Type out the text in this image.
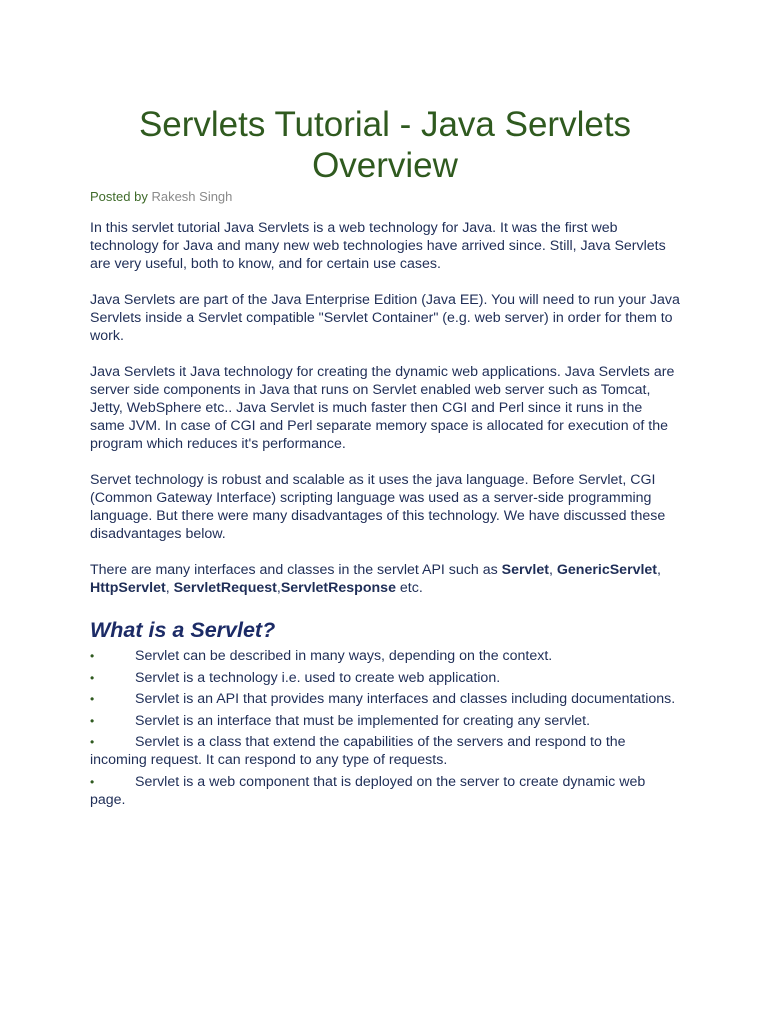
Servlets Tutorial - Java Servlets Overview
Posted by Rakesh Singh

In this servlet tutorial Java Servlets is a web technology for Java. It was the first web technology for Java and many new web technologies have arrived since. Still, Java Servlets are very useful, both to know, and for certain use cases.

Java Servlets are part of the Java Enterprise Edition (Java EE). You will need to run your Java Servlets inside a Servlet compatible "Servlet Container" (e.g. web server) in order for them to work.

Java Servlets it Java technology for creating the dynamic web applications. Java Servlets are server side components in Java that runs on Servlet enabled web server such as Tomcat, Jetty, WebSphere etc.. Java Servlet is much faster then CGI and Perl since it runs in the same JVM. In case of CGI and Perl separate memory space is allocated for execution of the program which reduces it's performance.

Servet technology is robust and scalable as it uses the java language. Before Servlet, CGI (Common Gateway Interface) scripting language was used as a server-side programming language. But there were many disadvantages of this technology. We have discussed these disadvantages below.

There are many interfaces and classes in the servlet API such as Servlet, GenericServlet, HttpServlet, ServletRequest,ServletResponse etc.

What is a Servlet?
•	Servlet can be described in many ways, depending on the context.
•	Servlet is a technology i.e. used to create web application.
•	Servlet is an API that provides many interfaces and classes including documentations.
•	Servlet is an interface that must be implemented for creating any servlet.
•	Servlet is a class that extend the capabilities of the servers and respond to the incoming request. It can respond to any type of requests.
•	Servlet is a web component that is deployed on the server to create dynamic web page.
